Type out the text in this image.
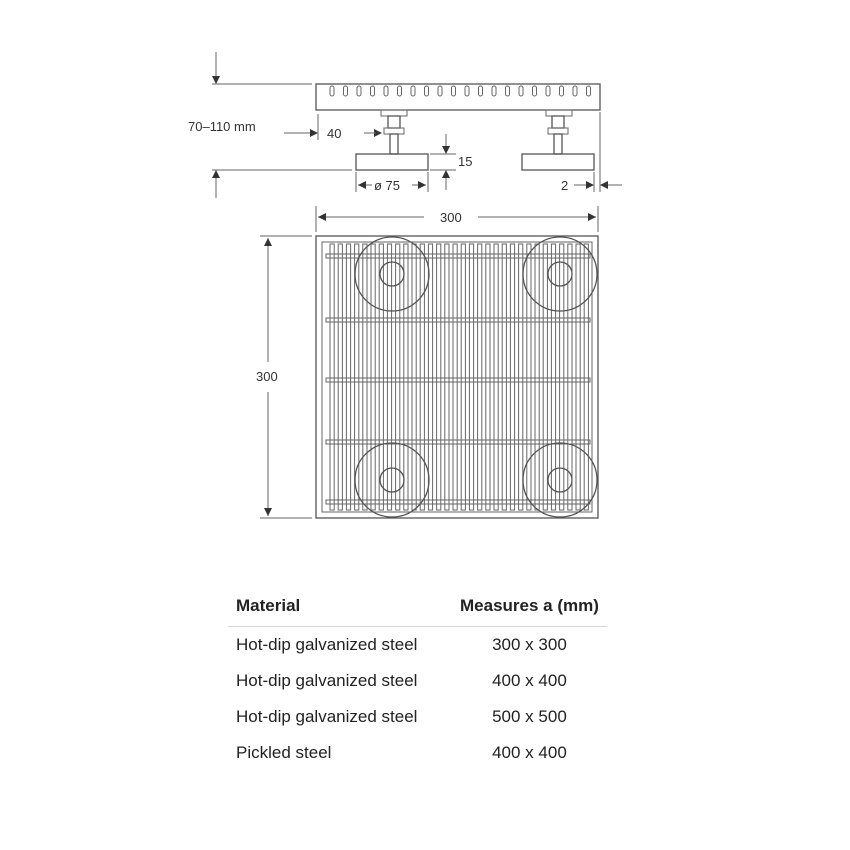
70–110 mm	40
15
ø 75	2
300
300
Material	Measures a (mm)
Hot-dip galvanized steel	300 x 300
Hot-dip galvanized steel	400 x 400
Hot-dip galvanized steel	500 x 500
Pickled steel	400 x 400
